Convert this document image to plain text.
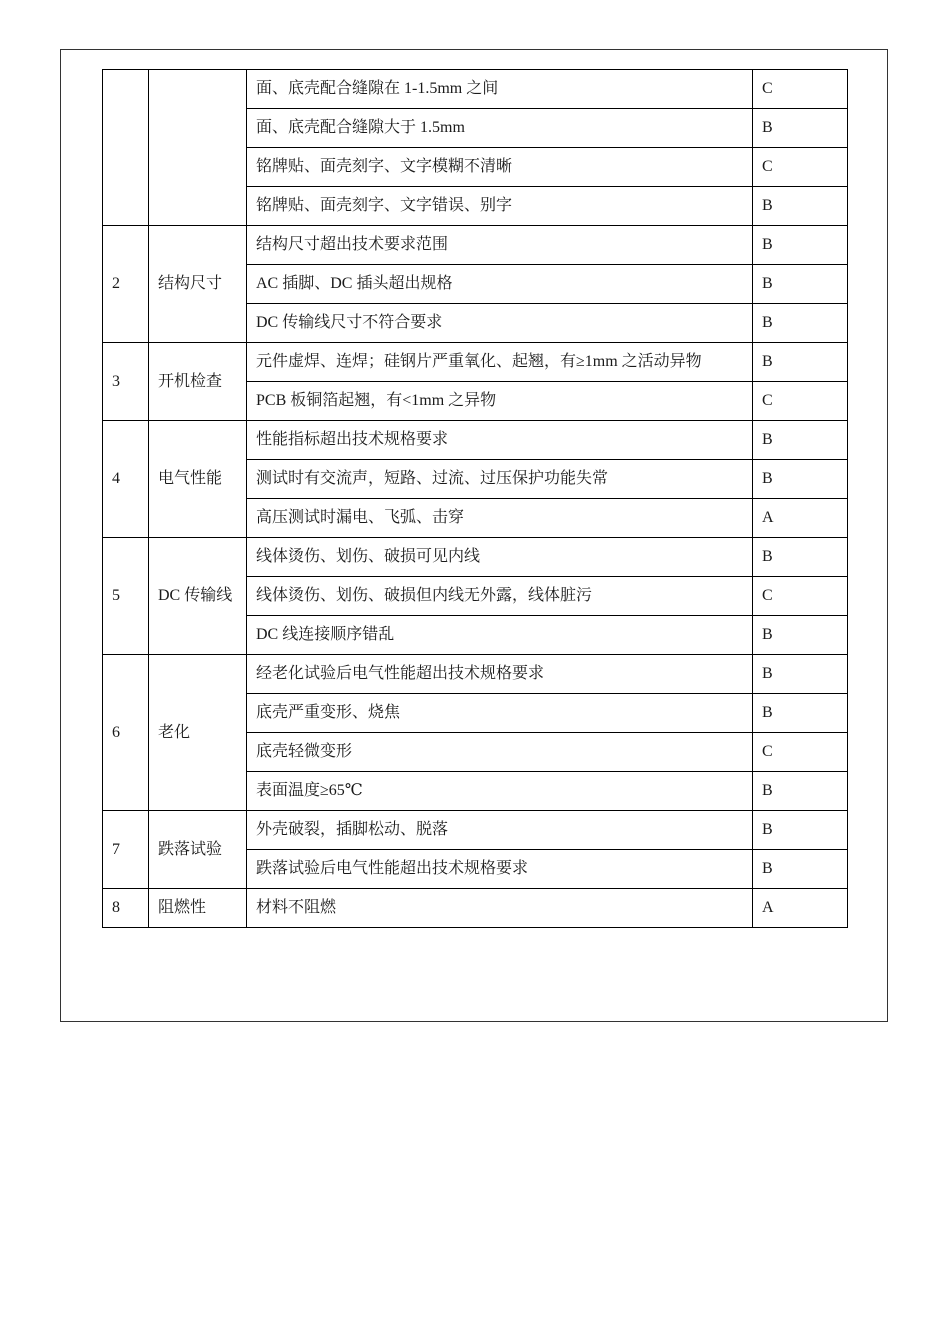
		面、底壳配合缝隙在 1-1.5mm 之间	C
		面、底壳配合缝隙大于 1.5mm	B
		铭牌贴、面壳刻字、文字模糊不清晰	C
		铭牌贴、面壳刻字、文字错误、别字	B
2	结构尺寸	结构尺寸超出技术要求范围	B
		AC 插脚、DC 插头超出规格	B
		DC 传输线尺寸不符合要求	B
3	开机检查	元件虚焊、连焊；硅钢片严重氧化、起翘，有≥1mm 之活动异物	B
		PCB 板铜箔起翘，有<1mm 之异物	C
4	电气性能	性能指标超出技术规格要求	B
		测试时有交流声，短路、过流、过压保护功能失常	B
		高压测试时漏电、飞弧、击穿	A
5	DC 传输线	线体烫伤、划伤、破损可见内线	B
		线体烫伤、划伤、破损但内线无外露，线体脏污	C
		DC 线连接顺序错乱	B
6	老化	经老化试验后电气性能超出技术规格要求	B
		底壳严重变形、烧焦	B
		底壳轻微变形	C
		表面温度≥65℃	B
7	跌落试验	外壳破裂，插脚松动、脱落	B
		跌落试验后电气性能超出技术规格要求	B
8	阻燃性	材料不阻燃	A
